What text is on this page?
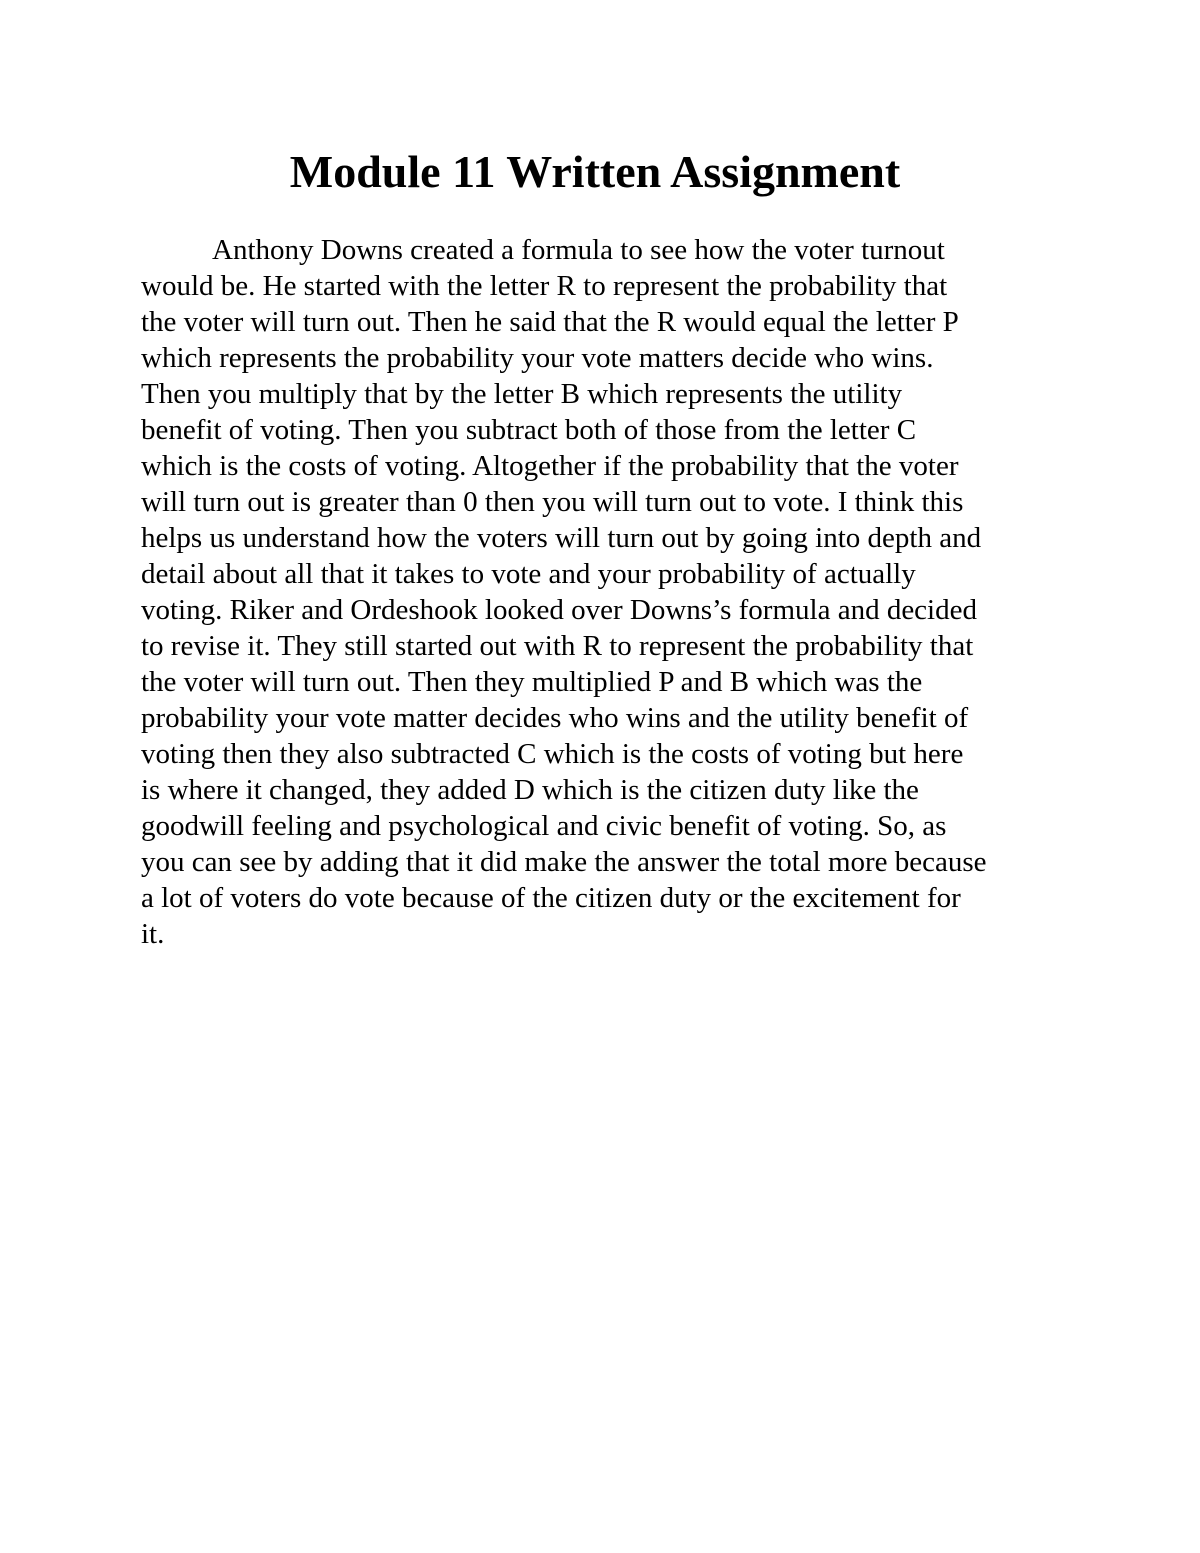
Module 11 Written Assignment

Anthony Downs created a formula to see how the voter turnout
would be. He started with the letter R to represent the probability that
the voter will turn out. Then he said that the R would equal the letter P
which represents the probability your vote matters decide who wins.
Then you multiply that by the letter B which represents the utility
benefit of voting. Then you subtract both of those from the letter C
which is the costs of voting. Altogether if the probability that the voter
will turn out is greater than 0 then you will turn out to vote. I think this
helps us understand how the voters will turn out by going into depth and
detail about all that it takes to vote and your probability of actually
voting. Riker and Ordeshook looked over Downs’s formula and decided
to revise it. They still started out with R to represent the probability that
the voter will turn out. Then they multiplied P and B which was the
probability your vote matter decides who wins and the utility benefit of
voting then they also subtracted C which is the costs of voting but here
is where it changed, they added D which is the citizen duty like the
goodwill feeling and psychological and civic benefit of voting. So, as
you can see by adding that it did make the answer the total more because
a lot of voters do vote because of the citizen duty or the excitement for
it.
